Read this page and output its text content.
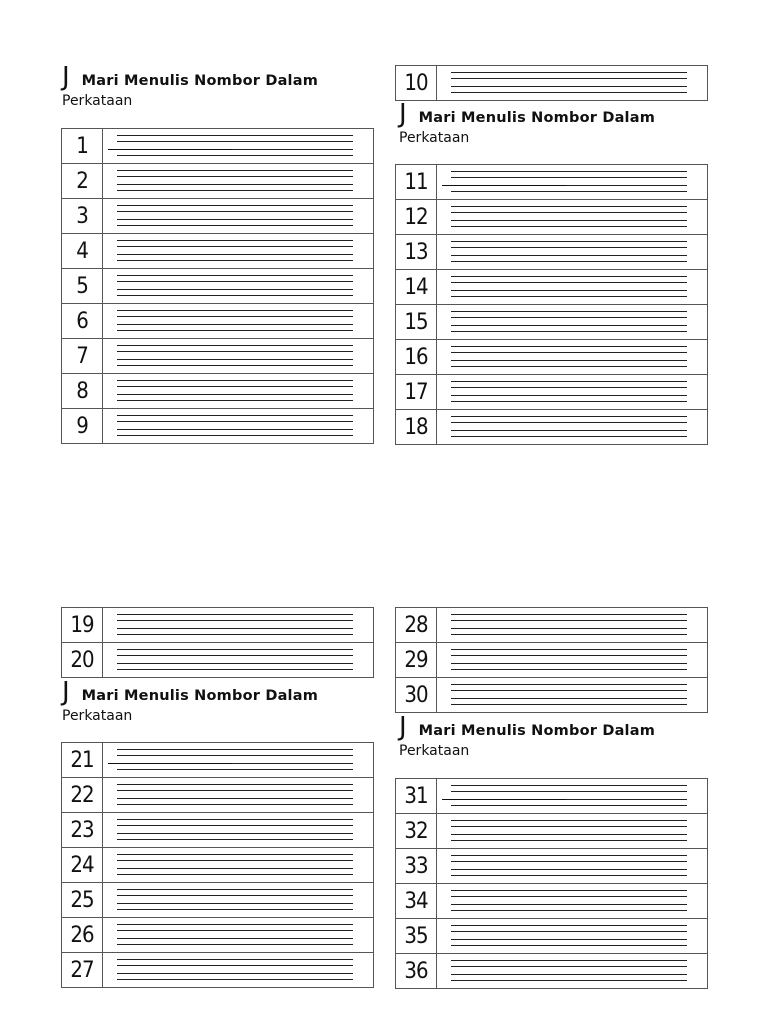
J Mari Menulis Nombor Dalam
Perkataan
1	

2	

3	

4	

5	

6	

7	

8	

9	
10	
J Mari Menulis Nombor Dalam
Perkataan
11	

12	

13	

14	

15	

16	

17	

18	
19	

20	
J Mari Menulis Nombor Dalam
Perkataan
21	

22	

23	

24	

25	

26	

27	
28	

29	

30	
J Mari Menulis Nombor Dalam
Perkataan
31	

32	

33	

34	

35	

36	
